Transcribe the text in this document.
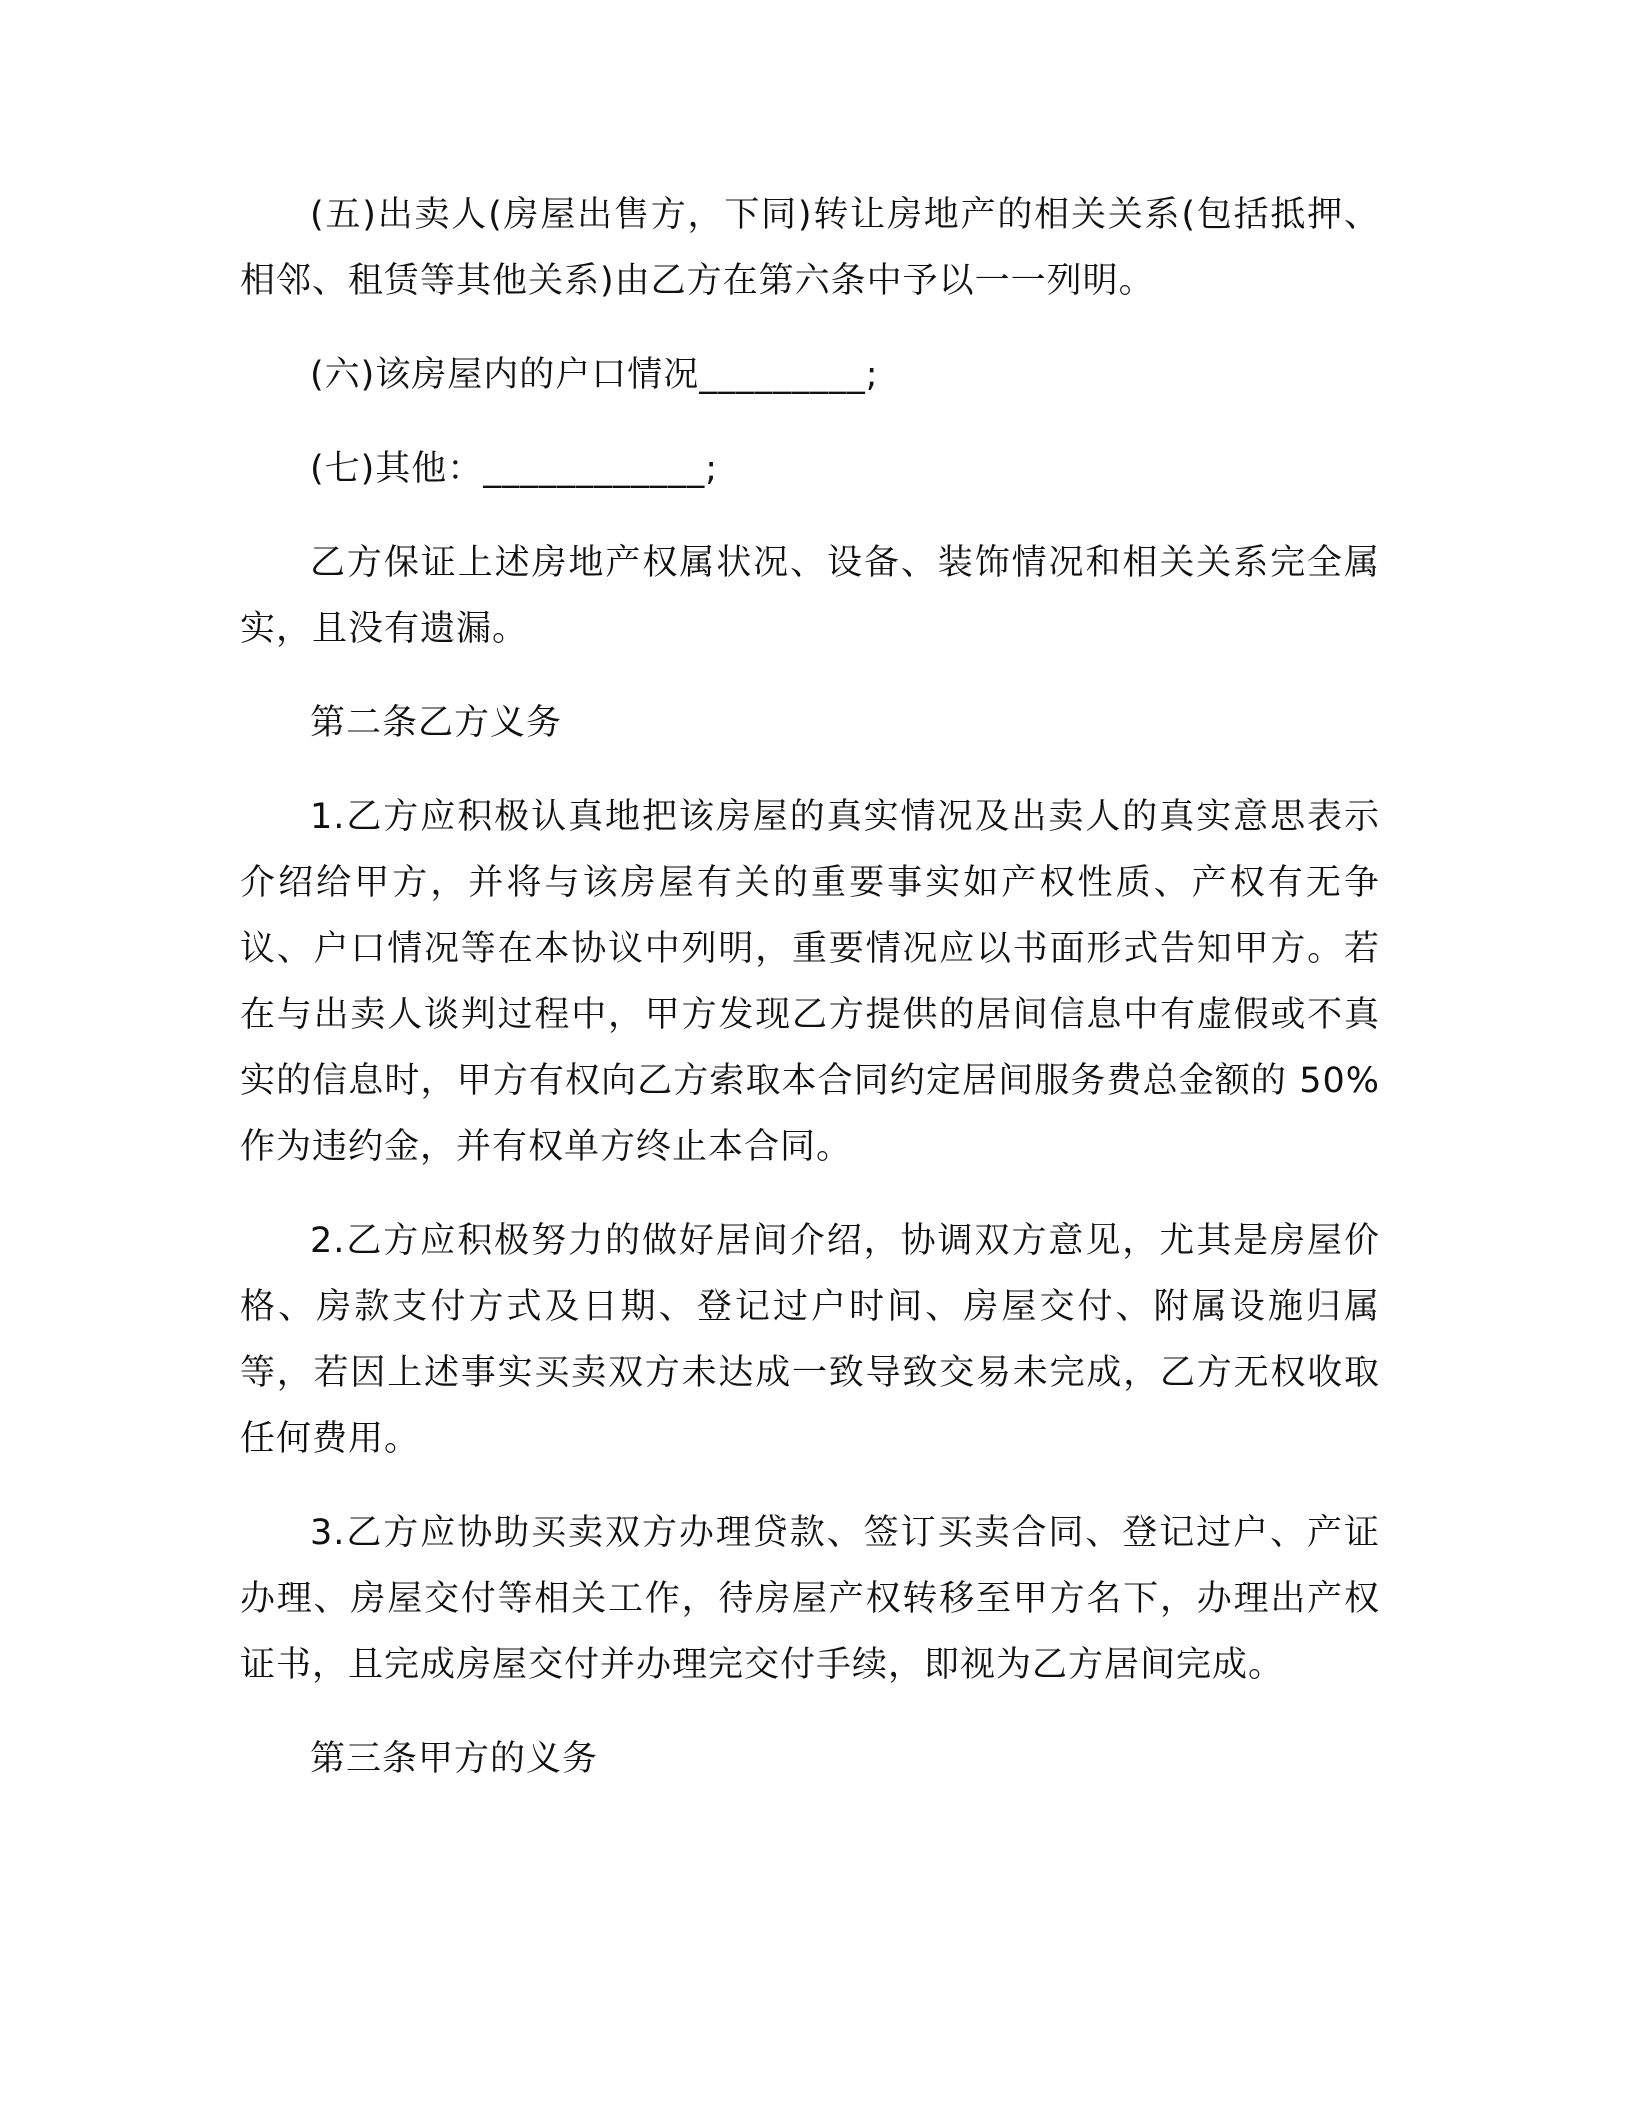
(五)出卖人(房屋出售方，下同)转让房地产的相关关系(包括抵押、相邻、租赁等其他关系)由乙方在第六条中予以一一列明。

(六)该房屋内的户口情况_________;

(七)其他：____________;

乙方保证上述房地产权属状况、设备、装饰情况和相关关系完全属实，且没有遗漏。

第二条乙方义务

1.乙方应积极认真地把该房屋的真实情况及出卖人的真实意思表示介绍给甲方，并将与该房屋有关的重要事实如产权性质、产权有无争议、户口情况等在本协议中列明，重要情况应以书面形式告知甲方。若在与出卖人谈判过程中，甲方发现乙方提供的居间信息中有虚假或不真实的信息时，甲方有权向乙方索取本合同约定居间服务费总金额的 50%作为违约金，并有权单方终止本合同。

2.乙方应积极努力的做好居间介绍，协调双方意见，尤其是房屋价格、房款支付方式及日期、登记过户时间、房屋交付、附属设施归属等，若因上述事实买卖双方未达成一致导致交易未完成，乙方无权收取任何费用。

3.乙方应协助买卖双方办理贷款、签订买卖合同、登记过户、产证办理、房屋交付等相关工作，待房屋产权转移至甲方名下，办理出产权证书，且完成房屋交付并办理完交付手续，即视为乙方居间完成。

第三条甲方的义务
